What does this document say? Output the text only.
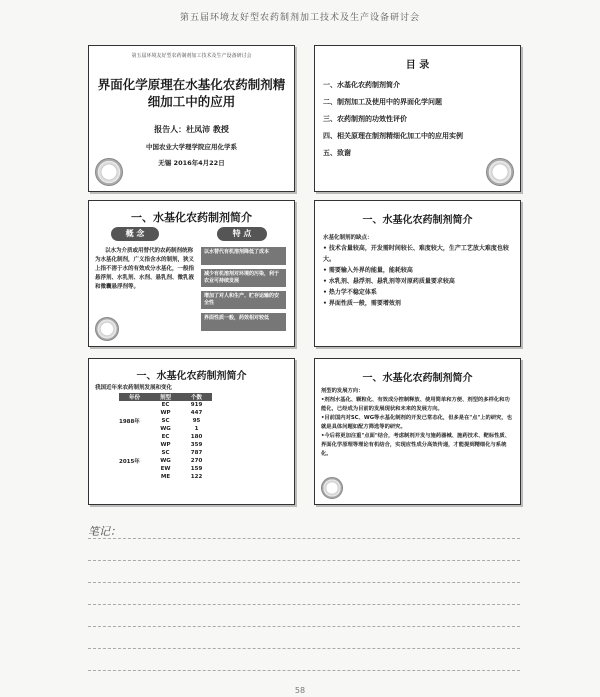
第五届环境友好型农药制剂加工技术及生产设备研讨会
第五届环境友好型农药制剂加工技术及生产设备研讨会
界面化学原理在水基化农药制剂精细加工中的应用
报告人：杜凤沛 教授
中国农业大学理学院应用化学系
无锡 2016年4月22日
目 录
一、水基化农药制剂简介
二、制剂加工及使用中的界面化学问题
三、农药制剂的功效性评价
四、相关原理在制剂精细化加工中的应用实例
五、致谢
一、水基化农药制剂简介
概 念	特 点
以水为介质或用替代的农药制剂统称为水基化制剂，广义指含水的制剂，狭义上指不溶于水的有效成分水基化，一般指悬浮剂、水乳剂、水剂、悬乳剂、微乳液和微囊悬浮剂等。
以水替代有机溶剂降低了成本
减少有机溶剂对环境的污染，利于农业可持续发展
增加了对人和生产、贮存运输的安全性
界面性质一般，药效相对较低
一、水基化农药制剂简介
水基化制剂的缺点：
• 技术含量较高，开发需时间较长、难度较大，生产工艺放大难度也较大。
• 需要输入外界的能量，能耗较高
• 水乳剂、悬浮剂、悬乳剂等对原药质量要求较高
• 热力学不稳定体系
• 界面性质一般，需要增效剂
一、水基化农药制剂简介
我国近年来农药制剂发展和变化
年份	剂型	个数
	EC	919
	WP	447
1988年	SC	95
	WG	1
	EC	180
	WP	359
	SC	787
2015年	WG	270
	EW	159
	ME	122
一、水基化农药制剂简介
剂型的发展方向：
•剂剂水基化、颗粒化、有效成分控制释放、使用简单和方便、剂型的多样化和功能化，已经成为目前的发展现状和未来的发展方向。
•目前国内对SC、WG等水基化制剂的开发已常态化，但多是在"点"上的研究，也就是具体问题如配方筛选等的研究。
•今后将更加注重"点面"结合，考虑制剂开发与施药器械、施药技术、靶标性质、界面化学原理等理论有机结合，实现应性成分高效传递，才能提到精细化与系统化。
笔记：
58
